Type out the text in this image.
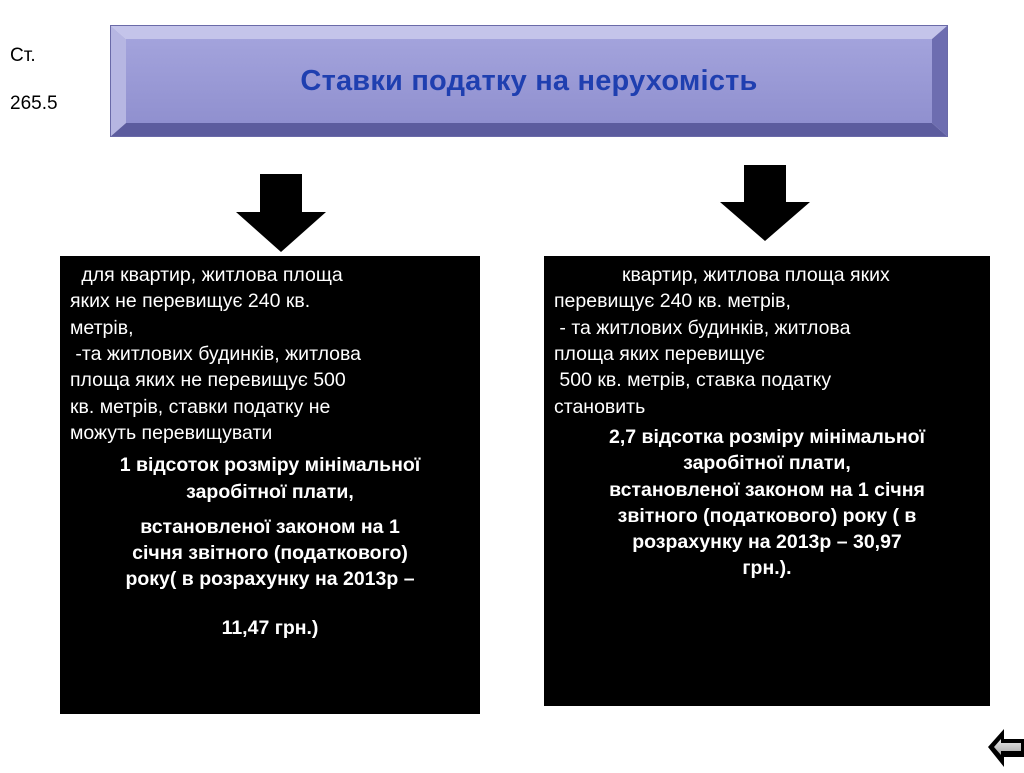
Ст.
265.5
Ставки податку на нерухомість

для квартир, житлова площа

яких не перевищує 240 кв.

метрів,

-та житлових будинків, житлова

площа яких не перевищує 500

кв. метрів, ставки податку не

можуть перевищувати

1 відсоток розміру мінімальної

заробітної плати,

встановленої законом на 1

січня звітного (податкового)

року( в розрахунку на 2013р –

11,47 грн.)

квартир, житлова площа яких

перевищує 240 кв. метрів,

- та житлових будинків, житлова

площа яких перевищує

500 кв. метрів, ставка податку

становить

2,7 відсотка розміру мінімальної

заробітної плати,

встановленої законом на 1 січня

звітного (податкового) року ( в

розрахунку на 2013р – 30,97

грн.).
